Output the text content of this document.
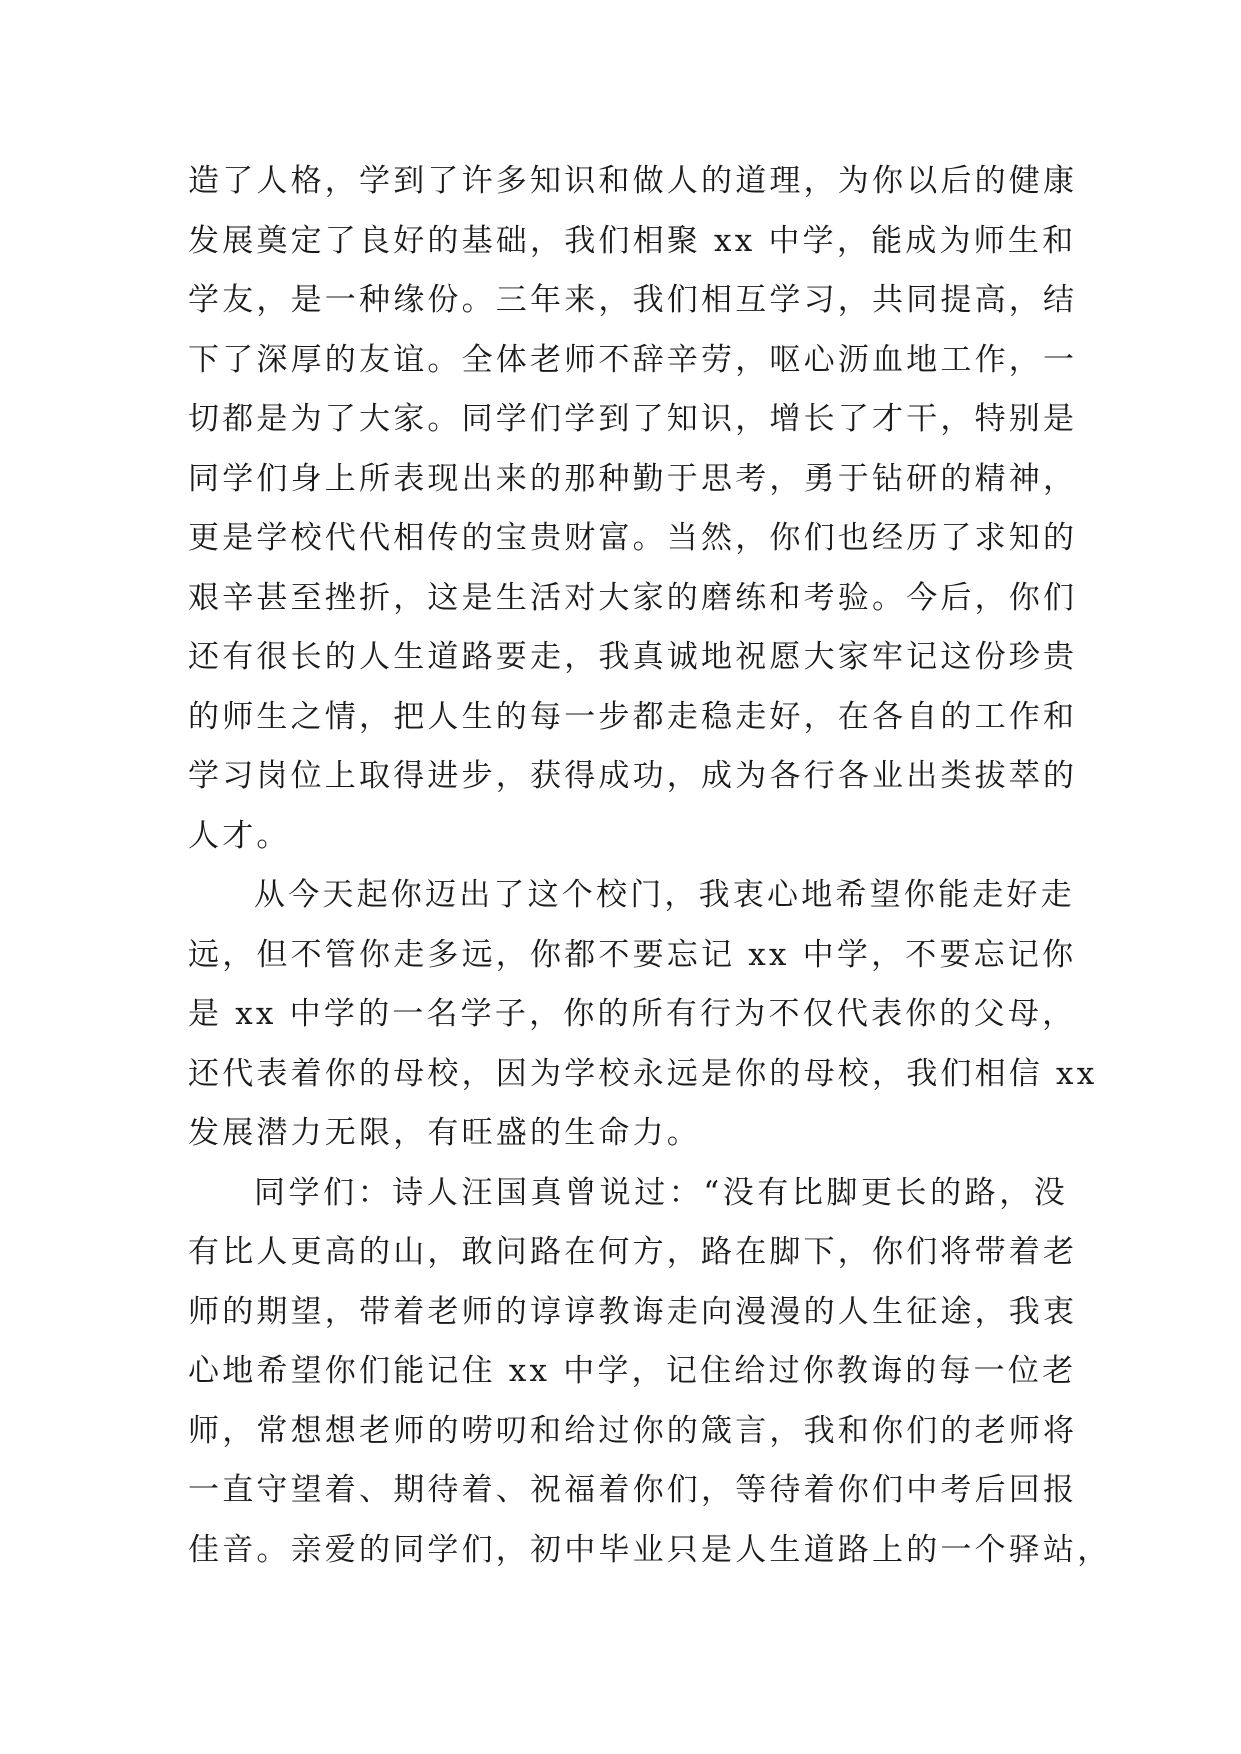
造了人格，学到了许多知识和做人的道理，为你以后的健康
发展奠定了良好的基础，我们相聚 xx 中学，能成为师生和
学友，是一种缘份。三年来，我们相互学习，共同提高，结
下了深厚的友谊。全体老师不辞辛劳，呕心沥血地工作，一
切都是为了大家。同学们学到了知识，增长了才干，特别是
同学们身上所表现出来的那种勤于思考，勇于钻研的精神，
更是学校代代相传的宝贵财富。当然，你们也经历了求知的
艰辛甚至挫折，这是生活对大家的磨练和考验。今后，你们
还有很长的人生道路要走，我真诚地祝愿大家牢记这份珍贵
的师生之情，把人生的每一步都走稳走好，在各自的工作和
学习岗位上取得进步，获得成功，成为各行各业出类拔萃的
人才。
从今天起你迈出了这个校门，我衷心地希望你能走好走
远，但不管你走多远，你都不要忘记 xx 中学，不要忘记你
是 xx 中学的一名学子，你的所有行为不仅代表你的父母，
还代表着你的母校，因为学校永远是你的母校，我们相信 xx
发展潜力无限，有旺盛的生命力。
同学们：诗人汪国真曾说过：“没有比脚更长的路，没
有比人更高的山，敢问路在何方，路在脚下，你们将带着老
师的期望，带着老师的谆谆教诲走向漫漫的人生征途，我衷
心地希望你们能记住 xx 中学，记住给过你教诲的每一位老
师，常想想老师的唠叨和给过你的箴言，我和你们的老师将
一直守望着、期待着、祝福着你们，等待着你们中考后回报
佳音。亲爱的同学们，初中毕业只是人生道路上的一个驿站，
